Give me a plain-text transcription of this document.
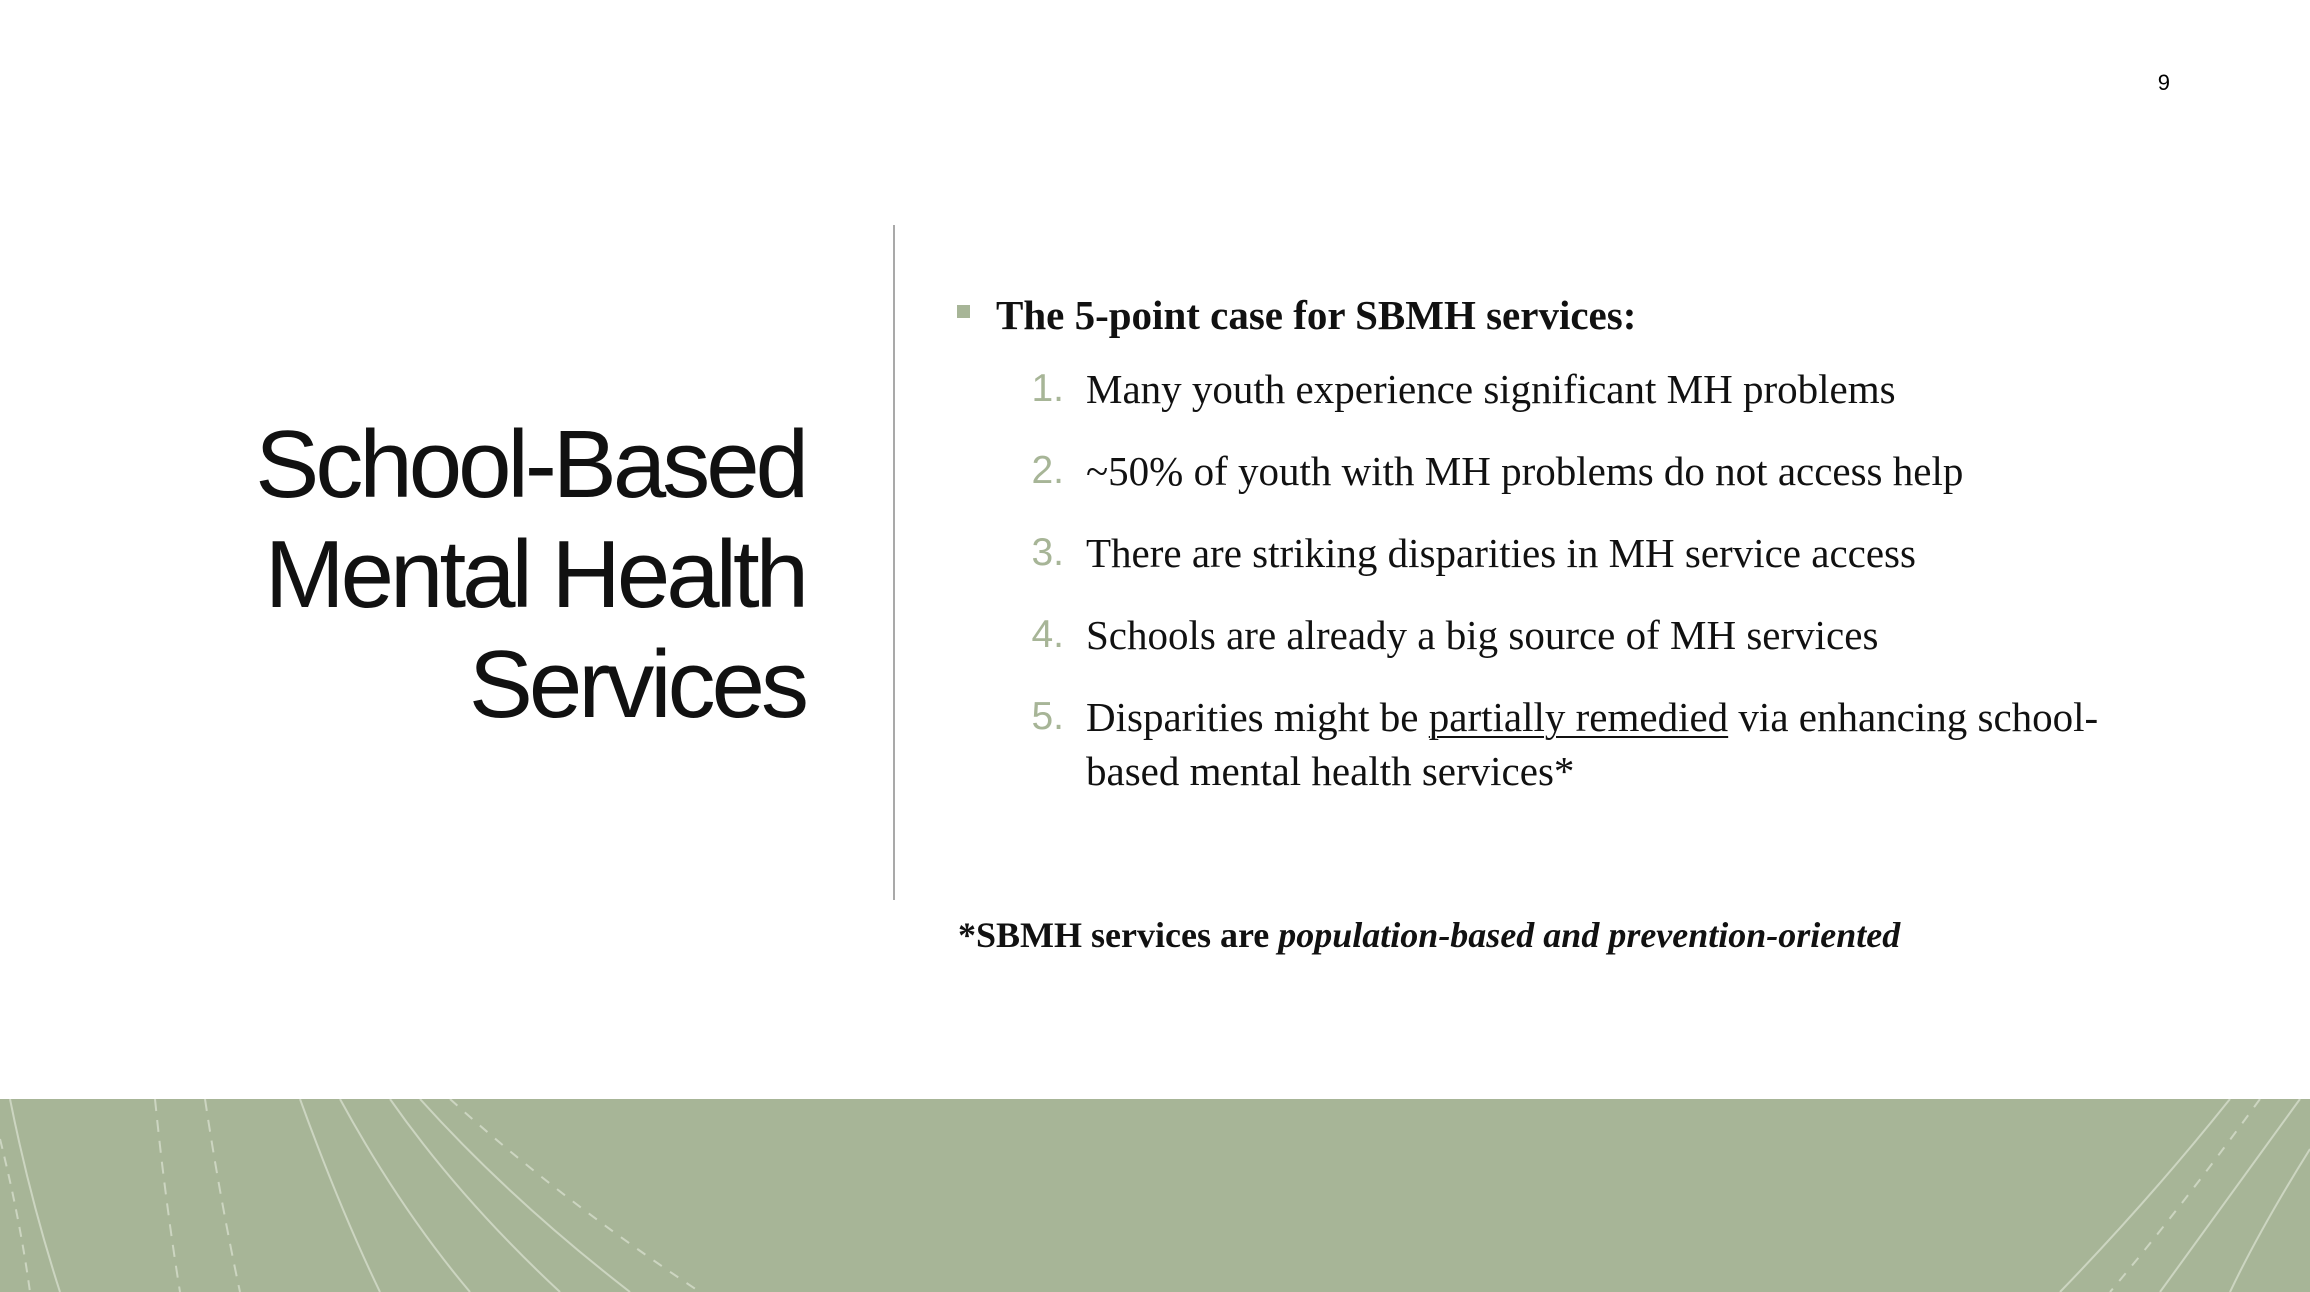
9
School-Based
Mental Health
Services
The 5-point case for SBMH services:
1. Many youth experience significant MH problems
2. ~50% of youth with MH problems do not access help
3. There are striking disparities in MH service access
4. Schools are already a big source of MH services
5. Disparities might be partially remedied via enhancing school-based mental health services*
*SBMH services are population-based and prevention-oriented
